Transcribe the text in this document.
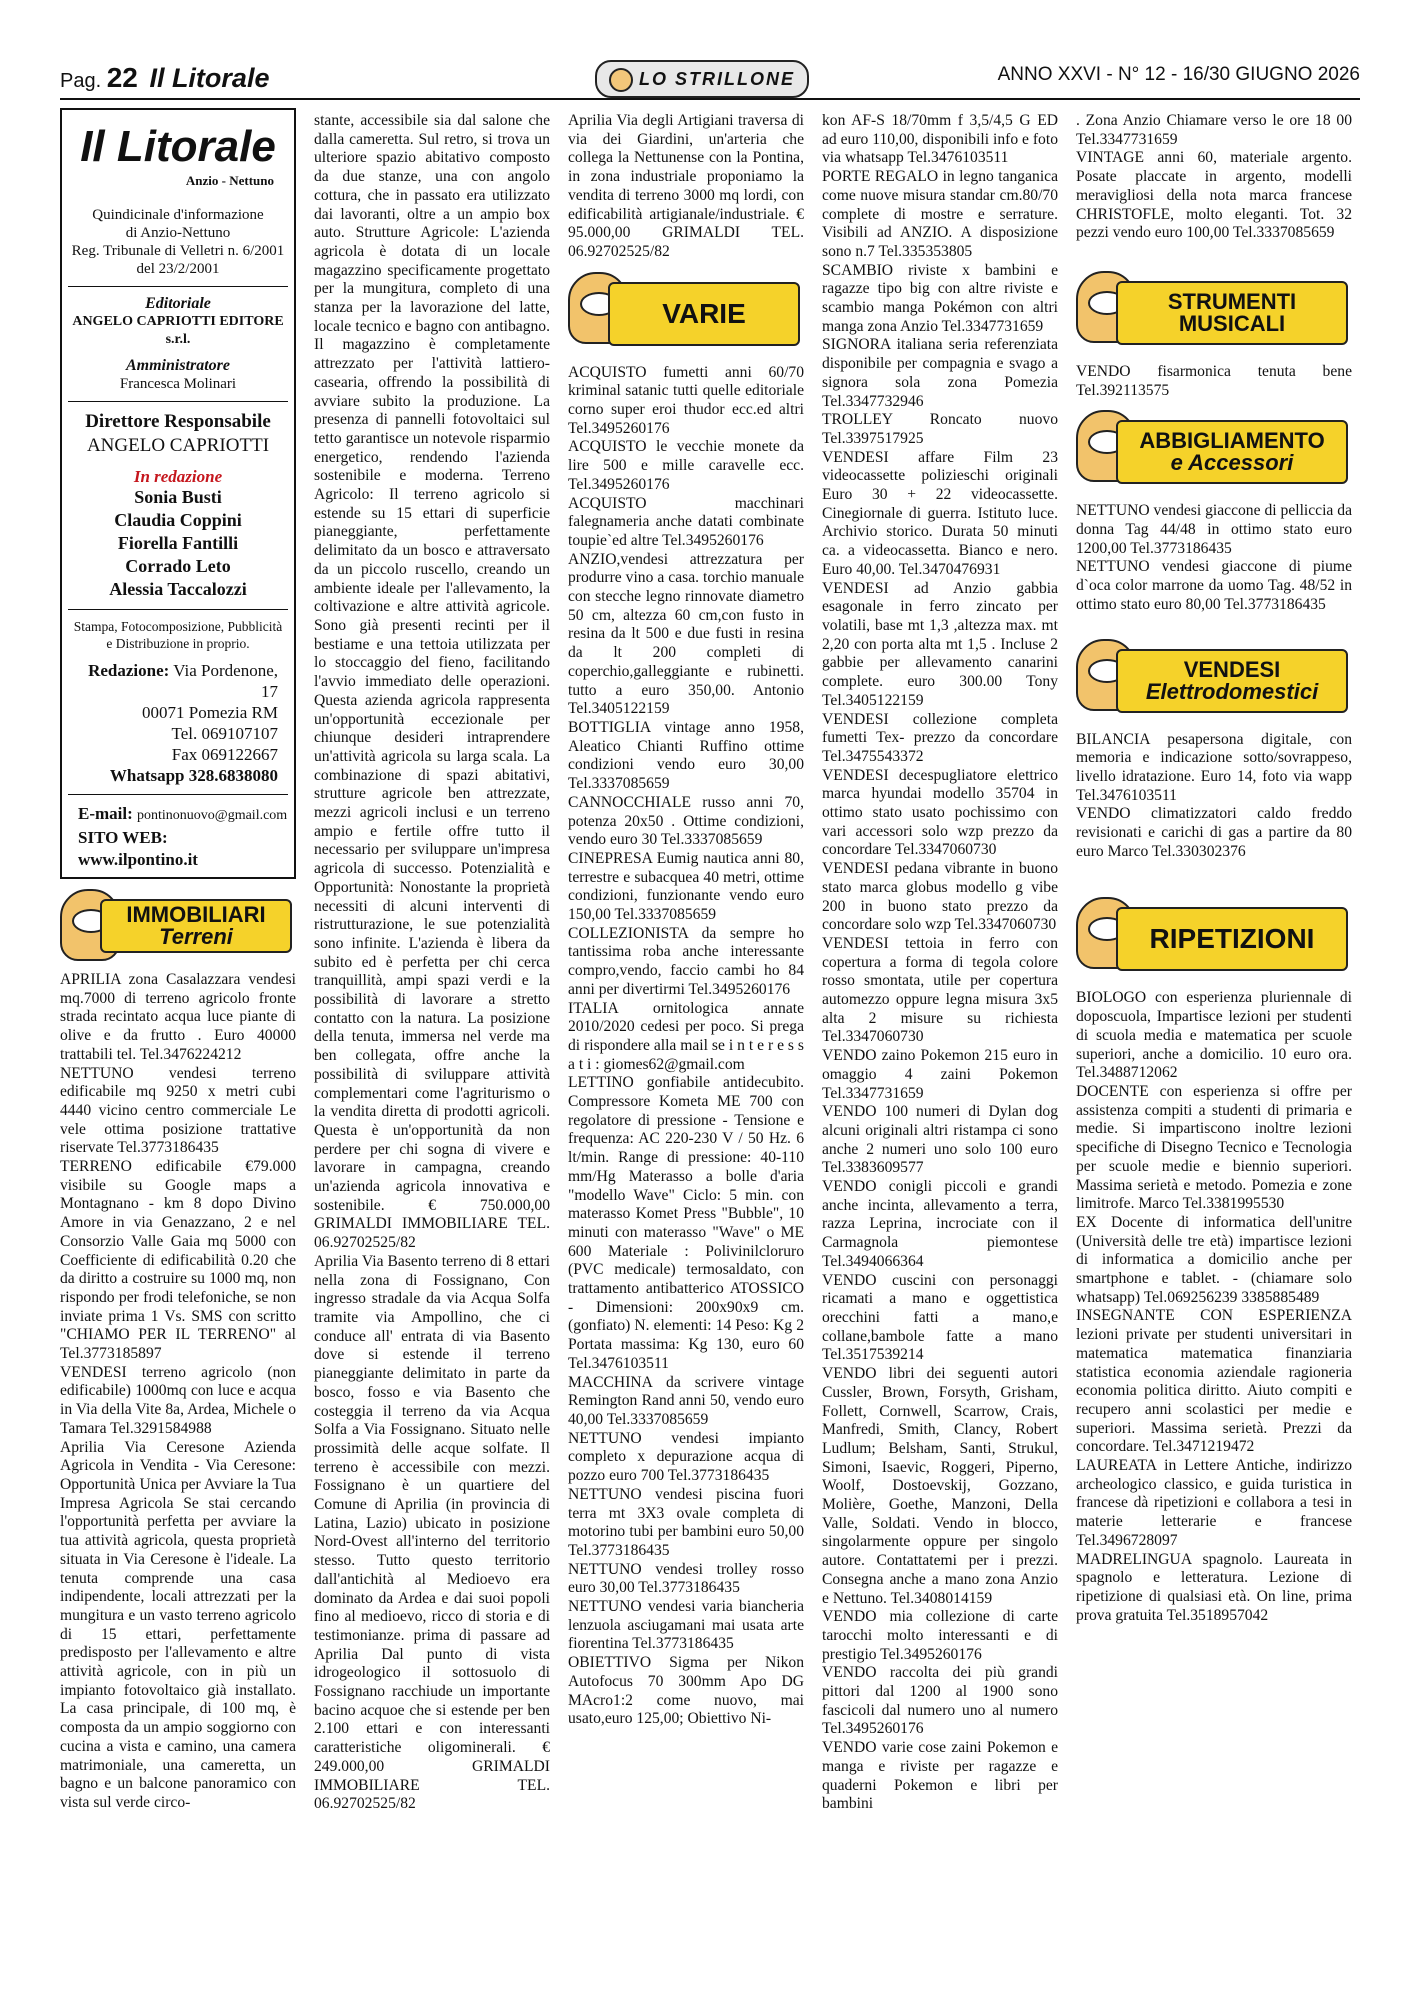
Pag. 22 Il Litorale	LO STRILLONE	ANNO XXVI - N° 12 - 16/30 GIUGNO 2026
Il Litorale
Anzio - Nettuno
Quindicinale d'informazione
di Anzio-Nettuno
Reg. Tribunale di Velletri n. 6/2001
del 23/2/2001
Editoriale
ANGELO CAPRIOTTI EDITORE s.r.l.
Amministratore
Francesca Molinari
Direttore Responsabile
ANGELO CAPRIOTTI
In redazione
Sonia Busti
Claudia Coppini
Fiorella Fantilli
Corrado Leto
Alessia Taccalozzi
Stampa, Fotocomposizione, Pubblicità
e Distribuzione in proprio.
Redazione: Via Pordenone, 17
00071 Pomezia RM
Tel. 069107107
Fax 069122667
Whatsapp 328.6838080
E-mail: pontinonuovo@gmail.com
SITO WEB: www.ilpontino.it
IMMOBILIARI
Terreni

APRILIA zona Casalazzara vendesi mq.7000 di terreno agricolo fronte strada recintato acqua luce piante di olive e da frutto . Euro 40000 trattabili tel. Tel.3476224212

NETTUNO vendesi terreno edificabile mq 9250 x metri cubi 4440 vicino centro commerciale Le vele ottima posizione trattative riservate Tel.3773186435

TERRENO edificabile €79.000 visibile su Google maps a Montagnano - km 8 dopo Divino Amore in via Genazzano, 2 e nel Consorzio Valle Gaia mq 5000 con Coefficiente di edificabilità 0.20 che da diritto a costruire su 1000 mq, non rispondo per frodi telefoniche, se non inviate prima 1 Vs. SMS con scritto "CHIAMO PER IL TERRENO" al Tel.3773185897

VENDESI terreno agricolo (non edificabile) 1000mq con luce e acqua in Via della Vite 8a, Ardea, Michele o Tamara Tel.3291584988

Aprilia Via Ceresone Azienda Agricola in Vendita - Via Ceresone: Opportunità Unica per Avviare la Tua Impresa Agricola Se stai cercando l'opportunità perfetta per avviare la tua attività agricola, questa proprietà situata in Via Ceresone è l'ideale. La tenuta comprende una casa indipendente, locali attrezzati per la mungitura e un vasto terreno agricolo di 15 ettari, perfettamente predisposto per l'allevamento e altre attività agricole, con in più un impianto fotovoltaico già installato. La casa principale, di 100 mq, è composta da un ampio soggiorno con cucina a vista e camino, una camera matrimoniale, una cameretta, un bagno e un balcone panoramico con vista sul verde circo-

stante, accessibile sia dal salone che dalla cameretta. Sul retro, si trova un ulteriore spazio abitativo composto da due stanze, una con angolo cottura, che in passato era utilizzato dai lavoranti, oltre a un ampio box auto. Strutture Agricole: L'azienda agricola è dotata di un locale magazzino specificamente progettato per la mungitura, completo di una stanza per la lavorazione del latte, locale tecnico e bagno con antibagno. Il magazzino è completamente attrezzato per l'attività lattiero-casearia, offrendo la possibilità di avviare subito la produzione. La presenza di pannelli fotovoltaici sul tetto garantisce un notevole risparmio energetico, rendendo l'azienda sostenibile e moderna. Terreno Agricolo: Il terreno agricolo si estende su 15 ettari di superficie pianeggiante, perfettamente delimitato da un bosco e attraversato da un piccolo ruscello, creando un ambiente ideale per l'allevamento, la coltivazione e altre attività agricole. Sono già presenti recinti per il bestiame e una tettoia utilizzata per lo stoccaggio del fieno, facilitando l'avvio immediato delle operazioni. Questa azienda agricola rappresenta un'opportunità eccezionale per chiunque desideri intraprendere un'attività agricola su larga scala. La combinazione di spazi abitativi, strutture agricole ben attrezzate, mezzi agricoli inclusi e un terreno ampio e fertile offre tutto il necessario per sviluppare un'impresa agricola di successo. Potenzialità e Opportunità: Nonostante la proprietà necessiti di alcuni interventi di ristrutturazione, le sue potenzialità sono infinite. L'azienda è libera da subito ed è perfetta per chi cerca tranquillità, ampi spazi verdi e la possibilità di lavorare a stretto contatto con la natura. La posizione della tenuta, immersa nel verde ma ben collegata, offre anche la possibilità di sviluppare attività complementari come l'agriturismo o la vendita diretta di prodotti agricoli. Questa è un'opportunità da non perdere per chi sogna di vivere e lavorare in campagna, creando un'azienda agricola innovativa e sostenibile. € 750.000,00 GRIMALDI IMMOBILIARE TEL. 06.92702525/82

Aprilia Via Basento terreno di 8 ettari nella zona di Fossignano, Con ingresso stradale da via Acqua Solfa tramite via Ampollino, che ci conduce all' entrata di via Basento dove si estende il terreno pianeggiante delimitato in parte da bosco, fosso e via Basento che costeggia il terreno da via Acqua Solfa a Via Fossignano. Situato nelle prossimità delle acque solfate. Il terreno è accessibile con mezzi. Fossignano è un quartiere del Comune di Aprilia (in provincia di Latina, Lazio) ubicato in posizione Nord-Ovest all'interno del territorio stesso. Tutto questo territorio dall'antichità al Medioevo era dominato da Ardea e dai suoi popoli fino al medioevo, ricco di storia e di testimonianze. prima di passare ad Aprilia Dal punto di vista idrogeologico il sottosuolo di Fossignano racchiude un importante bacino acquoe che si estende per ben 2.100 ettari e con interessanti caratteristiche oligominerali. € 249.000,00 GRIMALDI IMMOBILIARE TEL. 06.92702525/82

Aprilia Via degli Artigiani traversa di via dei Giardini, un'arteria che collega la Nettunense con la Pontina, in zona industriale proponiamo la vendita di terreno 3000 mq lordi, con edificabilità artigianale/industriale. € 95.000,00 GRIMALDI TEL. 06.92702525/82

VARIE

ACQUISTO fumetti anni 60/70 kriminal satanic tutti quelle editoriale corno super eroi thudor ecc.ed altri Tel.3495260176

ACQUISTO le vecchie monete da lire 500 e mille caravelle ecc. Tel.3495260176

ACQUISTO macchinari falegnameria anche datati combinate toupie`ed altre Tel.3495260176

ANZIO,vendesi attrezzatura per produrre vino a casa. torchio manuale con stecche legno rinnovate diametro 50 cm, altezza 60 cm,con fusto in resina da lt 500 e due fusti in resina da lt 200 completi di coperchio,galleggiante e rubinetti. tutto a euro 350,00. Antonio Tel.3405122159

BOTTIGLIA vintage anno 1958, Aleatico Chianti Ruffino ottime condizioni vendo euro 30,00 Tel.3337085659

CANNOCCHIALE russo anni 70, potenza 20x50 . Ottime condizioni, vendo euro 30 Tel.3337085659

CINEPRESA Eumig nautica anni 80, terrestre e subacquea 40 metri, ottime condizioni, funzionante vendo euro 150,00 Tel.3337085659

COLLEZIONISTA da sempre ho tantissima roba anche interessante compro,vendo, faccio cambi ho 84 anni per divertirmi Tel.3495260176

ITALIA ornitologica annate 2010/2020 cedesi per poco. Si prega di rispondere alla mail se i n t e r e s s a t i : giomes62@gmail.com

LETTINO gonfiabile antidecubito. Compressore Kometa ME 700 con regolatore di pressione - Tensione e frequenza: AC 220-230 V / 50 Hz. 6 lt/min. Range di pressione: 40-110 mm/Hg Materasso a bolle d'aria "modello Wave" Ciclo: 5 min. con materasso Komet Press "Bubble", 10 minuti con materasso "Wave" o ME 600 Materiale : Polivinilcloruro (PVC medicale) termosaldato, con trattamento antibatterico ATOSSICO - Dimensioni: 200x90x9 cm. (gonfiato) N. elementi: 14 Peso: Kg 2 Portata massima: Kg 130, euro 60 Tel.3476103511

MACCHINA da scrivere vintage Remington Rand anni 50, vendo euro 40,00 Tel.3337085659

NETTUNO vendesi impianto completo x depurazione acqua di pozzo euro 700 Tel.3773186435

NETTUNO vendesi piscina fuori terra mt 3X3 ovale completa di motorino tubi per bambini euro 50,00 Tel.3773186435

NETTUNO vendesi trolley rosso euro 30,00 Tel.3773186435

NETTUNO vendesi varia biancheria lenzuola asciugamani mai usata arte fiorentina Tel.3773186435

OBIETTIVO Sigma per Nikon Autofocus 70 300mm Apo DG MAcro1:2 come nuovo, mai usato,euro 125,00; Obiettivo Ni-

kon AF-S 18/70mm f 3,5/4,5 G ED ad euro 110,00, disponibili info e foto via whatsapp Tel.3476103511

PORTE REGALO in legno tanganica come nuove misura standar cm.80/70 complete di mostre e serrature. Visibili ad ANZIO. A disposizione sono n.7 Tel.335353805

SCAMBIO riviste x bambini e ragazze tipo big con altre riviste e scambio manga Pokémon con altri manga zona Anzio Tel.3347731659

SIGNORA italiana seria referenziata disponibile per compagnia e svago a signora sola zona Pomezia Tel.3347732946

TROLLEY Roncato nuovo Tel.3397517925

VENDESI affare Film 23 videocassette polizieschi originali Euro 30 + 22 videocassette. Cinegiornale di guerra. Istituto luce. Archivio storico. Durata 50 minuti ca. a videocassetta. Bianco e nero. Euro 40,00. Tel.3470476931

VENDESI ad Anzio gabbia esagonale in ferro zincato per volatili, base mt 1,3 ,altezza max. mt 2,20 con porta alta mt 1,5 . Incluse 2 gabbie per allevamento canarini complete. euro 300.00 Tony Tel.3405122159

VENDESI collezione completa fumetti Tex- prezzo da concordare Tel.3475543372

VENDESI decespugliatore elettrico marca hyundai modello 35704 in ottimo stato usato pochissimo con vari accessori solo wzp prezzo da concordare Tel.3347060730

VENDESI pedana vibrante in buono stato marca globus modello g vibe 200 in buono stato prezzo da concordare solo wzp Tel.3347060730

VENDESI tettoia in ferro con copertura a forma di tegola colore rosso smontata, utile per copertura automezzo oppure legna misura 3x5 alta 2 misure su richiesta Tel.3347060730

VENDO zaino Pokemon 215 euro in omaggio 4 zaini Pokemon Tel.3347731659

VENDO 100 numeri di Dylan dog alcuni originali altri ristampa ci sono anche 2 numeri uno solo 100 euro Tel.3383609577

VENDO conigli piccoli e grandi anche incinta, allevamento a terra, razza Leprina, incrociate con il Carmagnola piemontese Tel.3494066364

VENDO cuscini con personaggi ricamati a mano e oggettistica orecchini fatti a mano,e collane,bambole fatte a mano Tel.3517539214

VENDO libri dei seguenti autori Cussler, Brown, Forsyth, Grisham, Follett, Cornwell, Scarrow, Crais, Manfredi, Smith, Clancy, Robert Ludlum; Belsham, Santi, Strukul, Simoni, Isaevic, Roggeri, Piperno, Woolf, Dostoevskij, Gozzano, Molière, Goethe, Manzoni, Della Valle, Soldati. Vendo in blocco, singolarmente oppure per singolo autore. Contattatemi per i prezzi. Consegna anche a mano zona Anzio e Nettuno. Tel.3408014159

VENDO mia collezione di carte tarocchi molto interessanti e di prestigio Tel.3495260176

VENDO raccolta dei più grandi pittori dal 1200 al 1900 sono fascicoli dal numero uno al numero Tel.3495260176

VENDO varie cose zaini Pokemon e manga e riviste per ragazze e quaderni Pokemon e libri per bambini

. Zona Anzio Chiamare verso le ore 18 00 Tel.3347731659

VINTAGE anni 60, materiale argento. Posate placcate in argento, modelli meravigliosi della nota marca francese CHRISTOFLE, molto eleganti. Tot. 32 pezzi vendo euro 100,00 Tel.3337085659

STRUMENTI
MUSICALI

VENDO fisarmonica tenuta bene Tel.392113575

ABBIGLIAMENTO
e Accessori

NETTUNO vendesi giaccone di pelliccia da donna Tag 44/48 in ottimo stato euro 1200,00 Tel.3773186435

NETTUNO vendesi giaccone di piume d`oca color marrone da uomo Tag. 48/52 in ottimo stato euro 80,00 Tel.3773186435

VENDESI
Elettrodomestici

BILANCIA pesapersona digitale, con memoria e indicazione sotto/sovrappeso, livello idratazione. Euro 14, foto via wapp Tel.3476103511

VENDO climatizzatori caldo freddo revisionati e carichi di gas a partire da 80 euro Marco Tel.330302376

RIPETIZIONI

BIOLOGO con esperienza pluriennale di doposcuola, Impartisce lezioni per studenti di scuola media e matematica per scuole superiori, anche a domicilio. 10 euro ora. Tel.3488712062

DOCENTE con esperienza si offre per assistenza compiti a studenti di primaria e medie. Si impartiscono inoltre lezioni specifiche di Disegno Tecnico e Tecnologia per scuole medie e biennio superiori. Massima serietà e metodo. Pomezia e zone limitrofe. Marco Tel.3381995530

EX Docente di informatica dell'unitre (Università delle tre età) impartisce lezioni di informatica a domicilio anche per smartphone e tablet. - (chiamare solo whatsapp) Tel.069256239 3385885489

INSEGNANTE CON ESPERIENZA lezioni private per studenti universitari in matematica matematica finanziaria statistica economia aziendale ragioneria economia politica diritto. Aiuto compiti e recupero anni scolastici per medie e superiori. Massima serietà. Prezzi da concordare. Tel.3471219472

LAUREATA in Lettere Antiche, indirizzo archeologico classico, e guida turistica in francese dà ripetizioni e collabora a tesi in materie letterarie e francese Tel.3496728097

MADRELINGUA spagnolo. Laureata in spagnolo e letteratura. Lezione di ripetizione di qualsiasi età. On line, prima prova gratuita Tel.3518957042
